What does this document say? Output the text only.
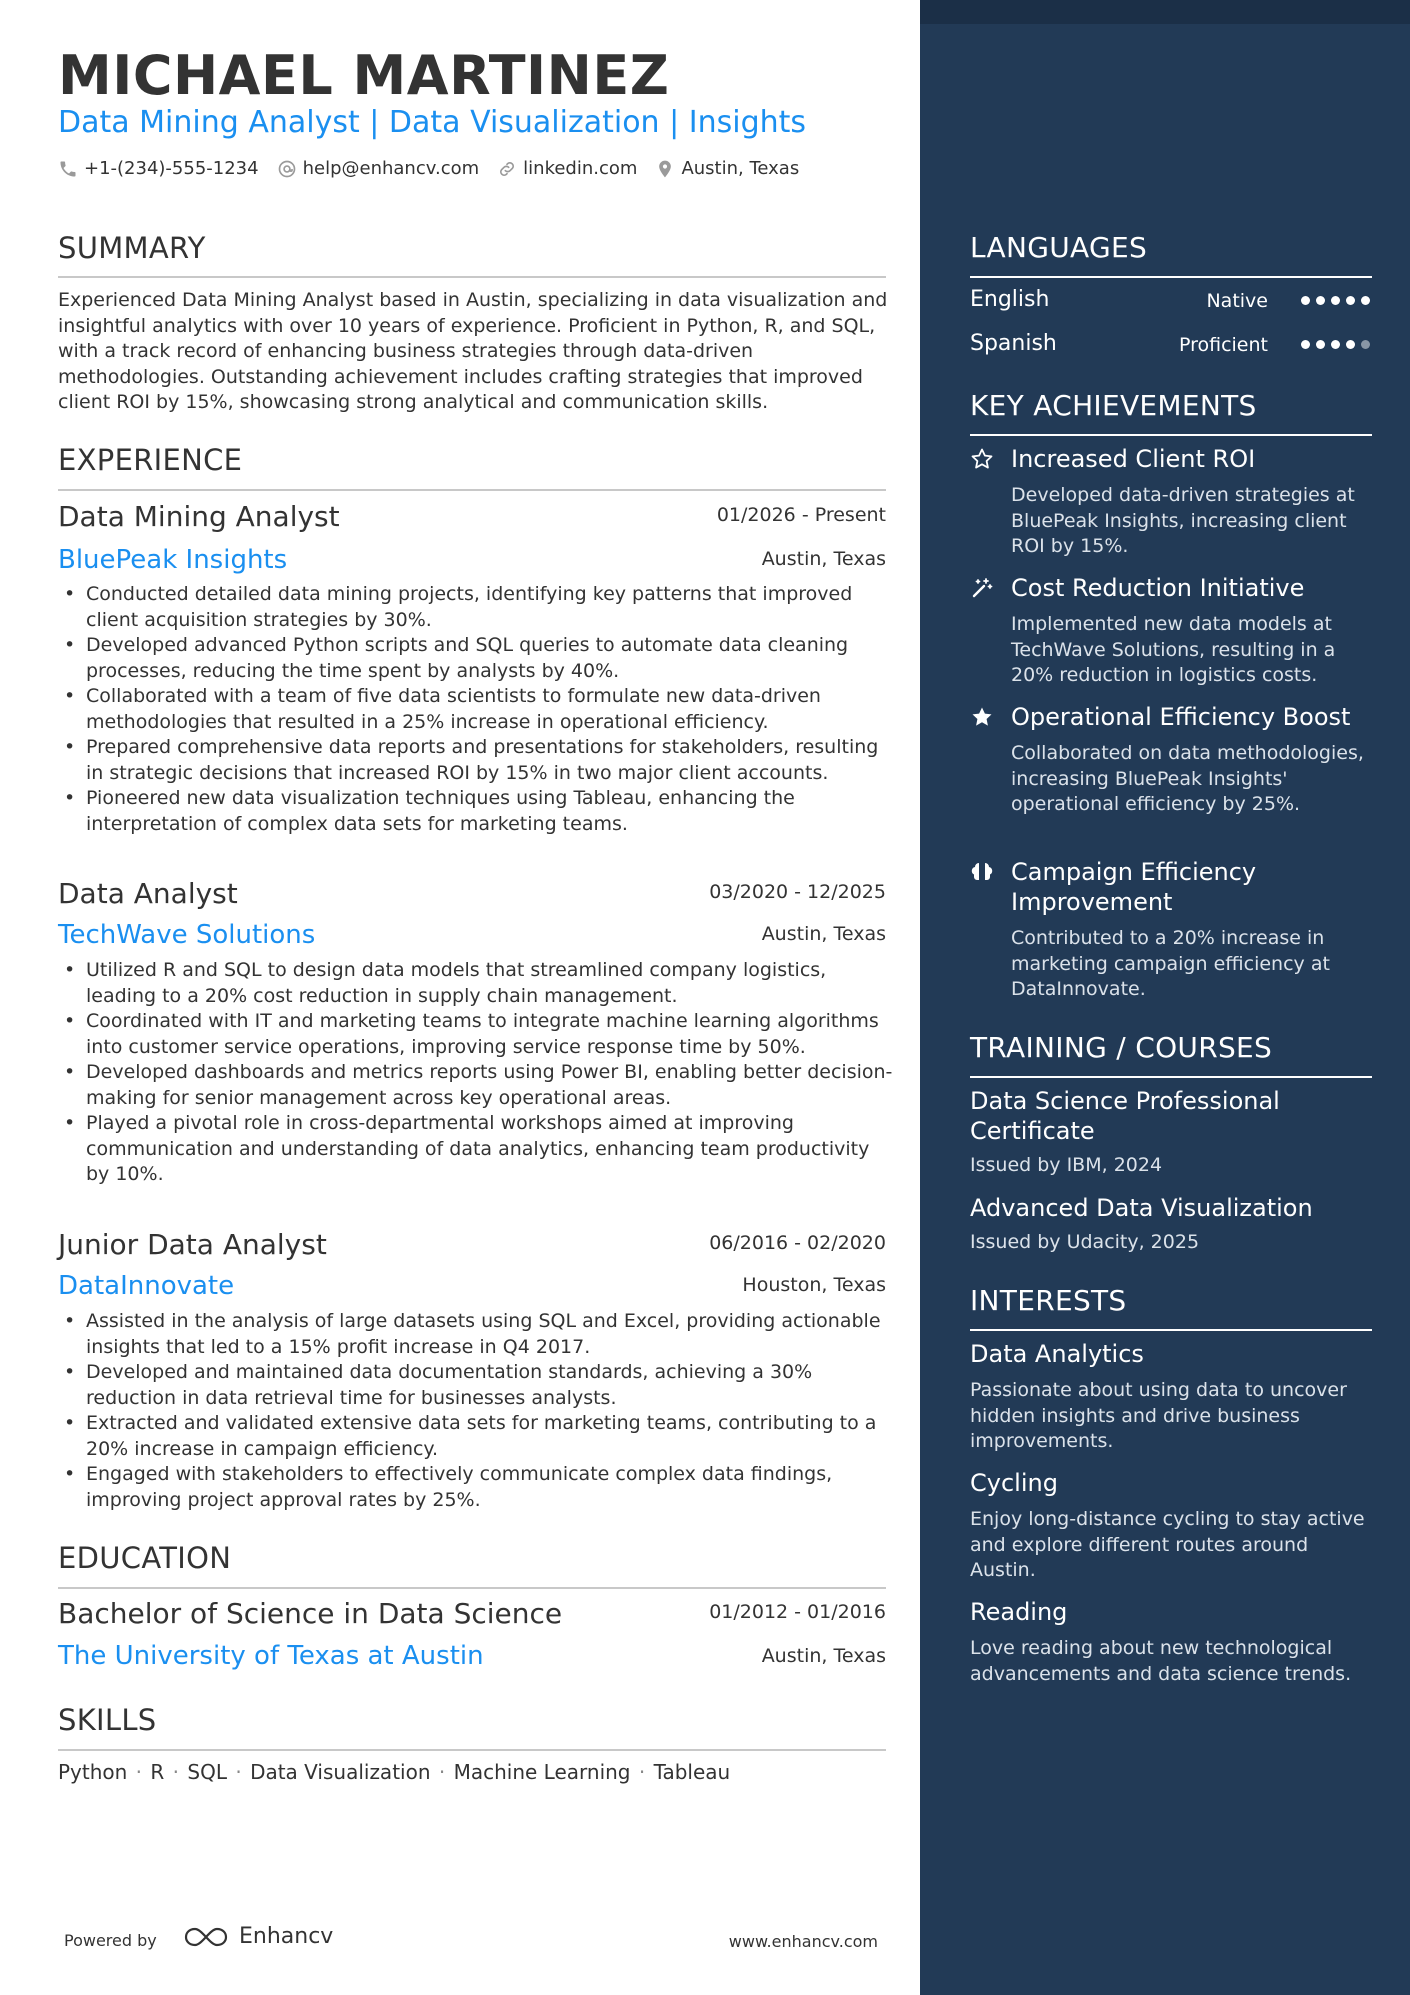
MICHAEL MARTINEZ
Data Mining Analyst | Data Visualization | Insights
+1-(234)-555-1234 help@enhancv.com linkedin.com Austin, Texas
SUMMARY
Experienced Data Mining Analyst based in Austin, specializing in data visualization and insightful analytics with over 10 years of experience. Proficient in Python, R, and SQL, with a track record of enhancing business strategies through data-driven methodologies. Outstanding achievement includes crafting strategies that improved client ROI by 15%, showcasing strong analytical and communication skills.
EXPERIENCE
Data Mining Analyst	01/2026 - Present
BluePeak Insights	Austin, Texas
• Conducted detailed data mining projects, identifying key patterns that improved client acquisition strategies by 30%.
• Developed advanced Python scripts and SQL queries to automate data cleaning processes, reducing the time spent by analysts by 40%.
• Collaborated with a team of five data scientists to formulate new data-driven methodologies that resulted in a 25% increase in operational efficiency.
• Prepared comprehensive data reports and presentations for stakeholders, resulting in strategic decisions that increased ROI by 15% in two major client accounts.
• Pioneered new data visualization techniques using Tableau, enhancing the interpretation of complex data sets for marketing teams.
Data Analyst	03/2020 - 12/2025
TechWave Solutions	Austin, Texas
• Utilized R and SQL to design data models that streamlined company logistics, leading to a 20% cost reduction in supply chain management.
• Coordinated with IT and marketing teams to integrate machine learning algorithms into customer service operations, improving service response time by 50%.
• Developed dashboards and metrics reports using Power BI, enabling better decision-making for senior management across key operational areas.
• Played a pivotal role in cross-departmental workshops aimed at improving communication and understanding of data analytics, enhancing team productivity by 10%.
Junior Data Analyst	06/2016 - 02/2020
DataInnovate	Houston, Texas
• Assisted in the analysis of large datasets using SQL and Excel, providing actionable insights that led to a 15% profit increase in Q4 2017.
• Developed and maintained data documentation standards, achieving a 30% reduction in data retrieval time for businesses analysts.
• Extracted and validated extensive data sets for marketing teams, contributing to a 20% increase in campaign efficiency.
• Engaged with stakeholders to effectively communicate complex data findings, improving project approval rates by 25%.
EDUCATION
Bachelor of Science in Data Science	01/2012 - 01/2016
The University of Texas at Austin	Austin, Texas
SKILLS
Python · R · SQL · Data Visualization · Machine Learning · Tableau
Powered by	Enhancv	www.enhancv.com
LANGUAGES
English	Native
Spanish	Proficient
KEY ACHIEVEMENTS
Increased Client ROI
Developed data-driven strategies at BluePeak Insights, increasing client ROI by 15%.
Cost Reduction Initiative
Implemented new data models at TechWave Solutions, resulting in a 20% reduction in logistics costs.
Operational Efficiency Boost
Collaborated on data methodologies, increasing BluePeak Insights' operational efficiency by 25%.
Campaign Efficiency Improvement
Contributed to a 20% increase in marketing campaign efficiency at DataInnovate.
TRAINING / COURSES
Data Science Professional Certificate
Issued by IBM, 2024
Advanced Data Visualization
Issued by Udacity, 2025
INTERESTS
Data Analytics
Passionate about using data to uncover hidden insights and drive business improvements.
Cycling
Enjoy long-distance cycling to stay active and explore different routes around Austin.
Reading
Love reading about new technological advancements and data science trends.
